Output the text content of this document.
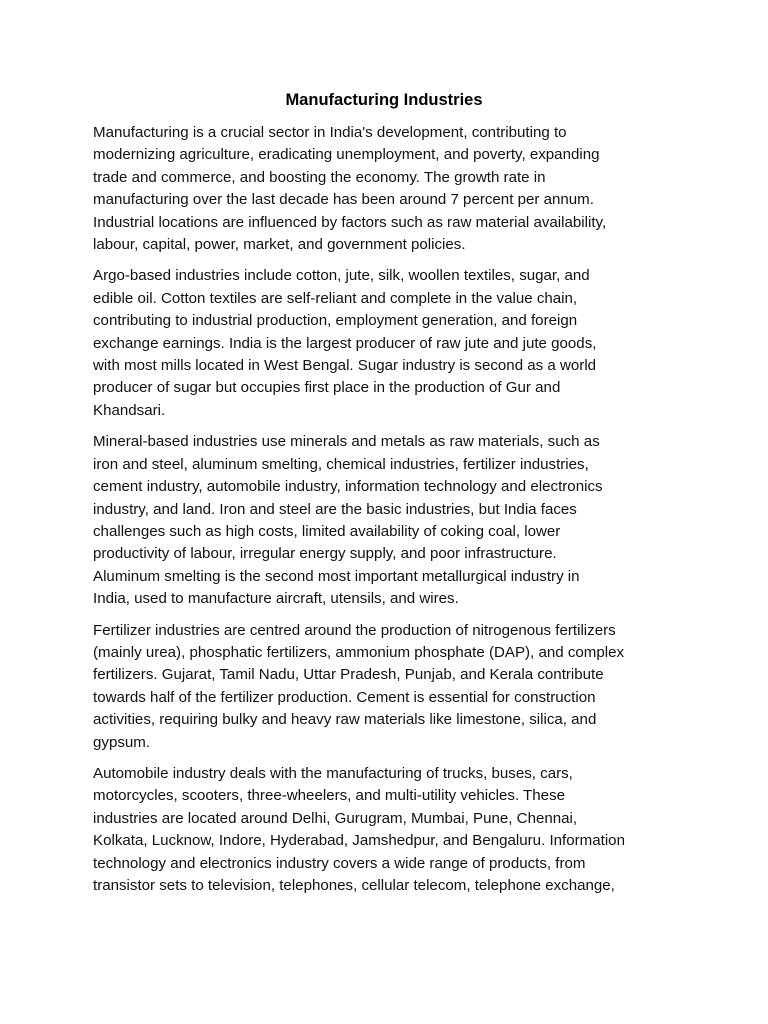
Manufacturing Industries

Manufacturing is a crucial sector in India's development, contributing to
modernizing agriculture, eradicating unemployment, and poverty, expanding
trade and commerce, and boosting the economy. The growth rate in
manufacturing over the last decade has been around 7 percent per annum.
Industrial locations are influenced by factors such as raw material availability,
labour, capital, power, market, and government policies.

Argo-based industries include cotton, jute, silk, woollen textiles, sugar, and
edible oil. Cotton textiles are self-reliant and complete in the value chain,
contributing to industrial production, employment generation, and foreign
exchange earnings. India is the largest producer of raw jute and jute goods,
with most mills located in West Bengal. Sugar industry is second as a world
producer of sugar but occupies first place in the production of Gur and
Khandsari.

Mineral-based industries use minerals and metals as raw materials, such as
iron and steel, aluminum smelting, chemical industries, fertilizer industries,
cement industry, automobile industry, information technology and electronics
industry, and land. Iron and steel are the basic industries, but India faces
challenges such as high costs, limited availability of coking coal, lower
productivity of labour, irregular energy supply, and poor infrastructure.
Aluminum smelting is the second most important metallurgical industry in
India, used to manufacture aircraft, utensils, and wires.

Fertilizer industries are centred around the production of nitrogenous fertilizers
(mainly urea), phosphatic fertilizers, ammonium phosphate (DAP), and complex
fertilizers. Gujarat, Tamil Nadu, Uttar Pradesh, Punjab, and Kerala contribute
towards half of the fertilizer production. Cement is essential for construction
activities, requiring bulky and heavy raw materials like limestone, silica, and
gypsum.

Automobile industry deals with the manufacturing of trucks, buses, cars,
motorcycles, scooters, three-wheelers, and multi-utility vehicles. These
industries are located around Delhi, Gurugram, Mumbai, Pune, Chennai,
Kolkata, Lucknow, Indore, Hyderabad, Jamshedpur, and Bengaluru. Information
technology and electronics industry covers a wide range of products, from
transistor sets to television, telephones, cellular telecom, telephone exchange,
